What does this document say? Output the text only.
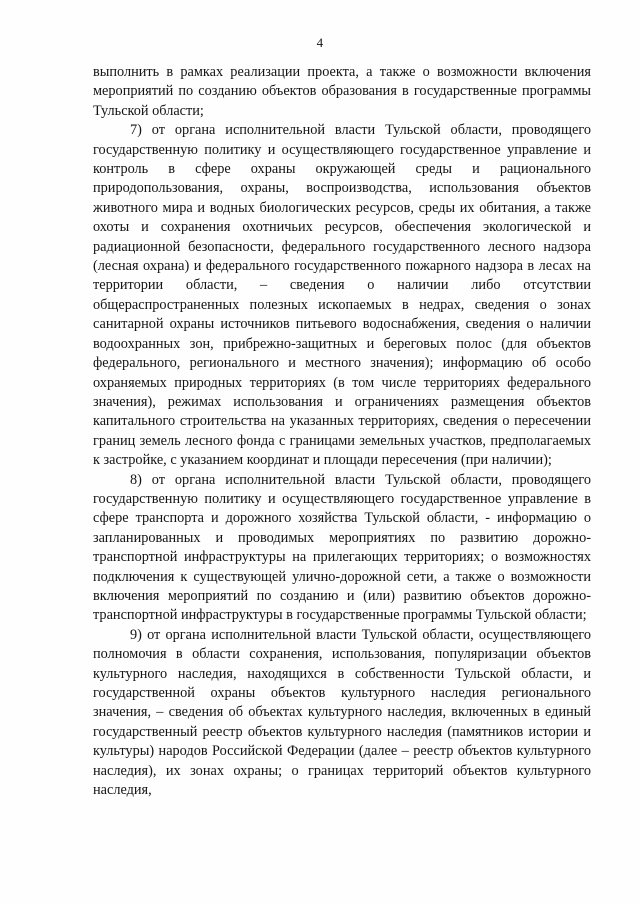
4

выполнить в рамках реализации проекта, а также о возможности включения мероприятий по созданию объектов образования в государственные программы Тульской области;

7) от органа исполнительной власти Тульской области, проводящего государственную политику и осуществляющего государственное управление и контроль в сфере охраны окружающей среды и рационального природопользования, охраны, воспроизводства, использования объектов животного мира и водных биологических ресурсов, среды их обитания, а также охоты и сохранения охотничьих ресурсов, обеспечения экологической и радиационной безопасности, федерального государственного лесного надзора (лесная охрана) и федерального государственного пожарного надзора в лесах на территории области, – сведения о наличии либо отсутствии общераспространенных полезных ископаемых в недрах, сведения о зонах санитарной охраны источников питьевого водоснабжения, сведения о наличии водоохранных зон, прибрежно-защитных и береговых полос (для объектов федерального, регионального и местного значения); информацию об особо охраняемых природных территориях (в том числе территориях федерального значения), режимах использования и ограничениях размещения объектов капитального строительства на указанных территориях, сведения о пересечении границ земель лесного фонда с границами земельных участков, предполагаемых к застройке, с указанием координат и площади пересечения (при наличии);

8) от органа исполнительной власти Тульской области, проводящего государственную политику и осуществляющего государственное управление в сфере транспорта и дорожного хозяйства Тульской области, - информацию о запланированных и проводимых мероприятиях по развитию дорожно-транспортной инфраструктуры на прилегающих территориях; о возможностях подключения к существующей улично-дорожной сети, а также о возможности включения мероприятий по созданию и (или) развитию объектов дорожно-транспортной инфраструктуры в государственные программы Тульской области;

9) от органа исполнительной власти Тульской области, осуществляющего полномочия в области сохранения, использования, популяризации объектов культурного наследия, находящихся в собственности Тульской области, и государственной охраны объектов культурного наследия регионального значения, – сведения об объектах культурного наследия, включенных в единый государственный реестр объектов культурного наследия (памятников истории и культуры) народов Российской Федерации (далее – реестр объектов культурного наследия), их зонах охраны; о границах территорий объектов культурного наследия,
